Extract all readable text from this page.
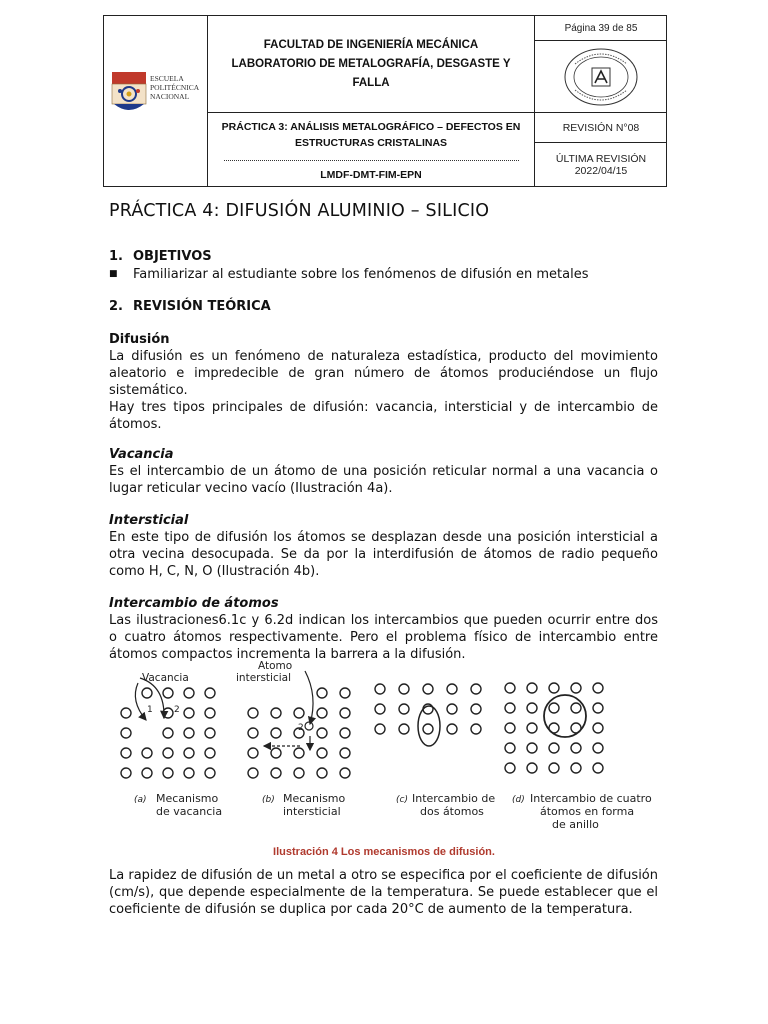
ESCUELA
POLITÉCNICA
NACIONAL
FACULTAD DE INGENIERÍA MECÁNICA
LABORATORIO DE METALOGRAFÍA, DESGASTE Y
FALLA
PRÁCTICA 3: ANÁLISIS METALOGRÁFICO – DEFECTOS EN
ESTRUCTURAS CRISTALINAS
LMDF-DMT-FIM-EPN
Página 39 de 85
REVISIÓN N°08
ÚLTIMA REVISIÓN
2022/04/15
PRÁCTICA 4: DIFUSIÓN ALUMINIO – SILICIO
1. OBJETIVOS
■ Familiarizar al estudiante sobre los fenómenos de difusión en metales
2. REVISIÓN TEÓRICA
Difusión
La difusión es un fenómeno de naturaleza estadística, producto del movimiento aleatorio e impredecible de gran número de átomos produciéndose un flujo sistemático.
Hay tres tipos principales de difusión: vacancia, intersticial y de intercambio de átomos.
Vacancia
Es el intercambio de un átomo de una posición reticular normal a una vacancia o lugar reticular vecino vacío (Ilustración 4a).
Intersticial
En este tipo de difusión los átomos se desplazan desde una posición intersticial a otra vecina desocupada. Se da por la interdifusión de átomos de radio pequeño como H, C, N, O (Ilustración 4b).
Intercambio de átomos
Las ilustraciones6.1c y 6.2d indican los intercambios que pueden ocurrir entre dos o cuatro átomos respectivamente. Pero el problema físico de intercambio entre átomos compactos incrementa la barrera a la difusión.
Vacancia
1 2
Atomo
intersticial
2
(a) Mecanismo
de vacancia
(b) Mecanismo
intersticial
(c) Intercambio de
dos átomos
(d) Intercambio de cuatro
átomos en forma
de anillo
Ilustración 4 Los mecanismos de difusión.
La rapidez de difusión de un metal a otro se especifica por el coeficiente de difusión (cm/s), que depende especialmente de la temperatura. Se puede establecer que el coeficiente de difusión se duplica por cada 20°C de aumento de la temperatura.
